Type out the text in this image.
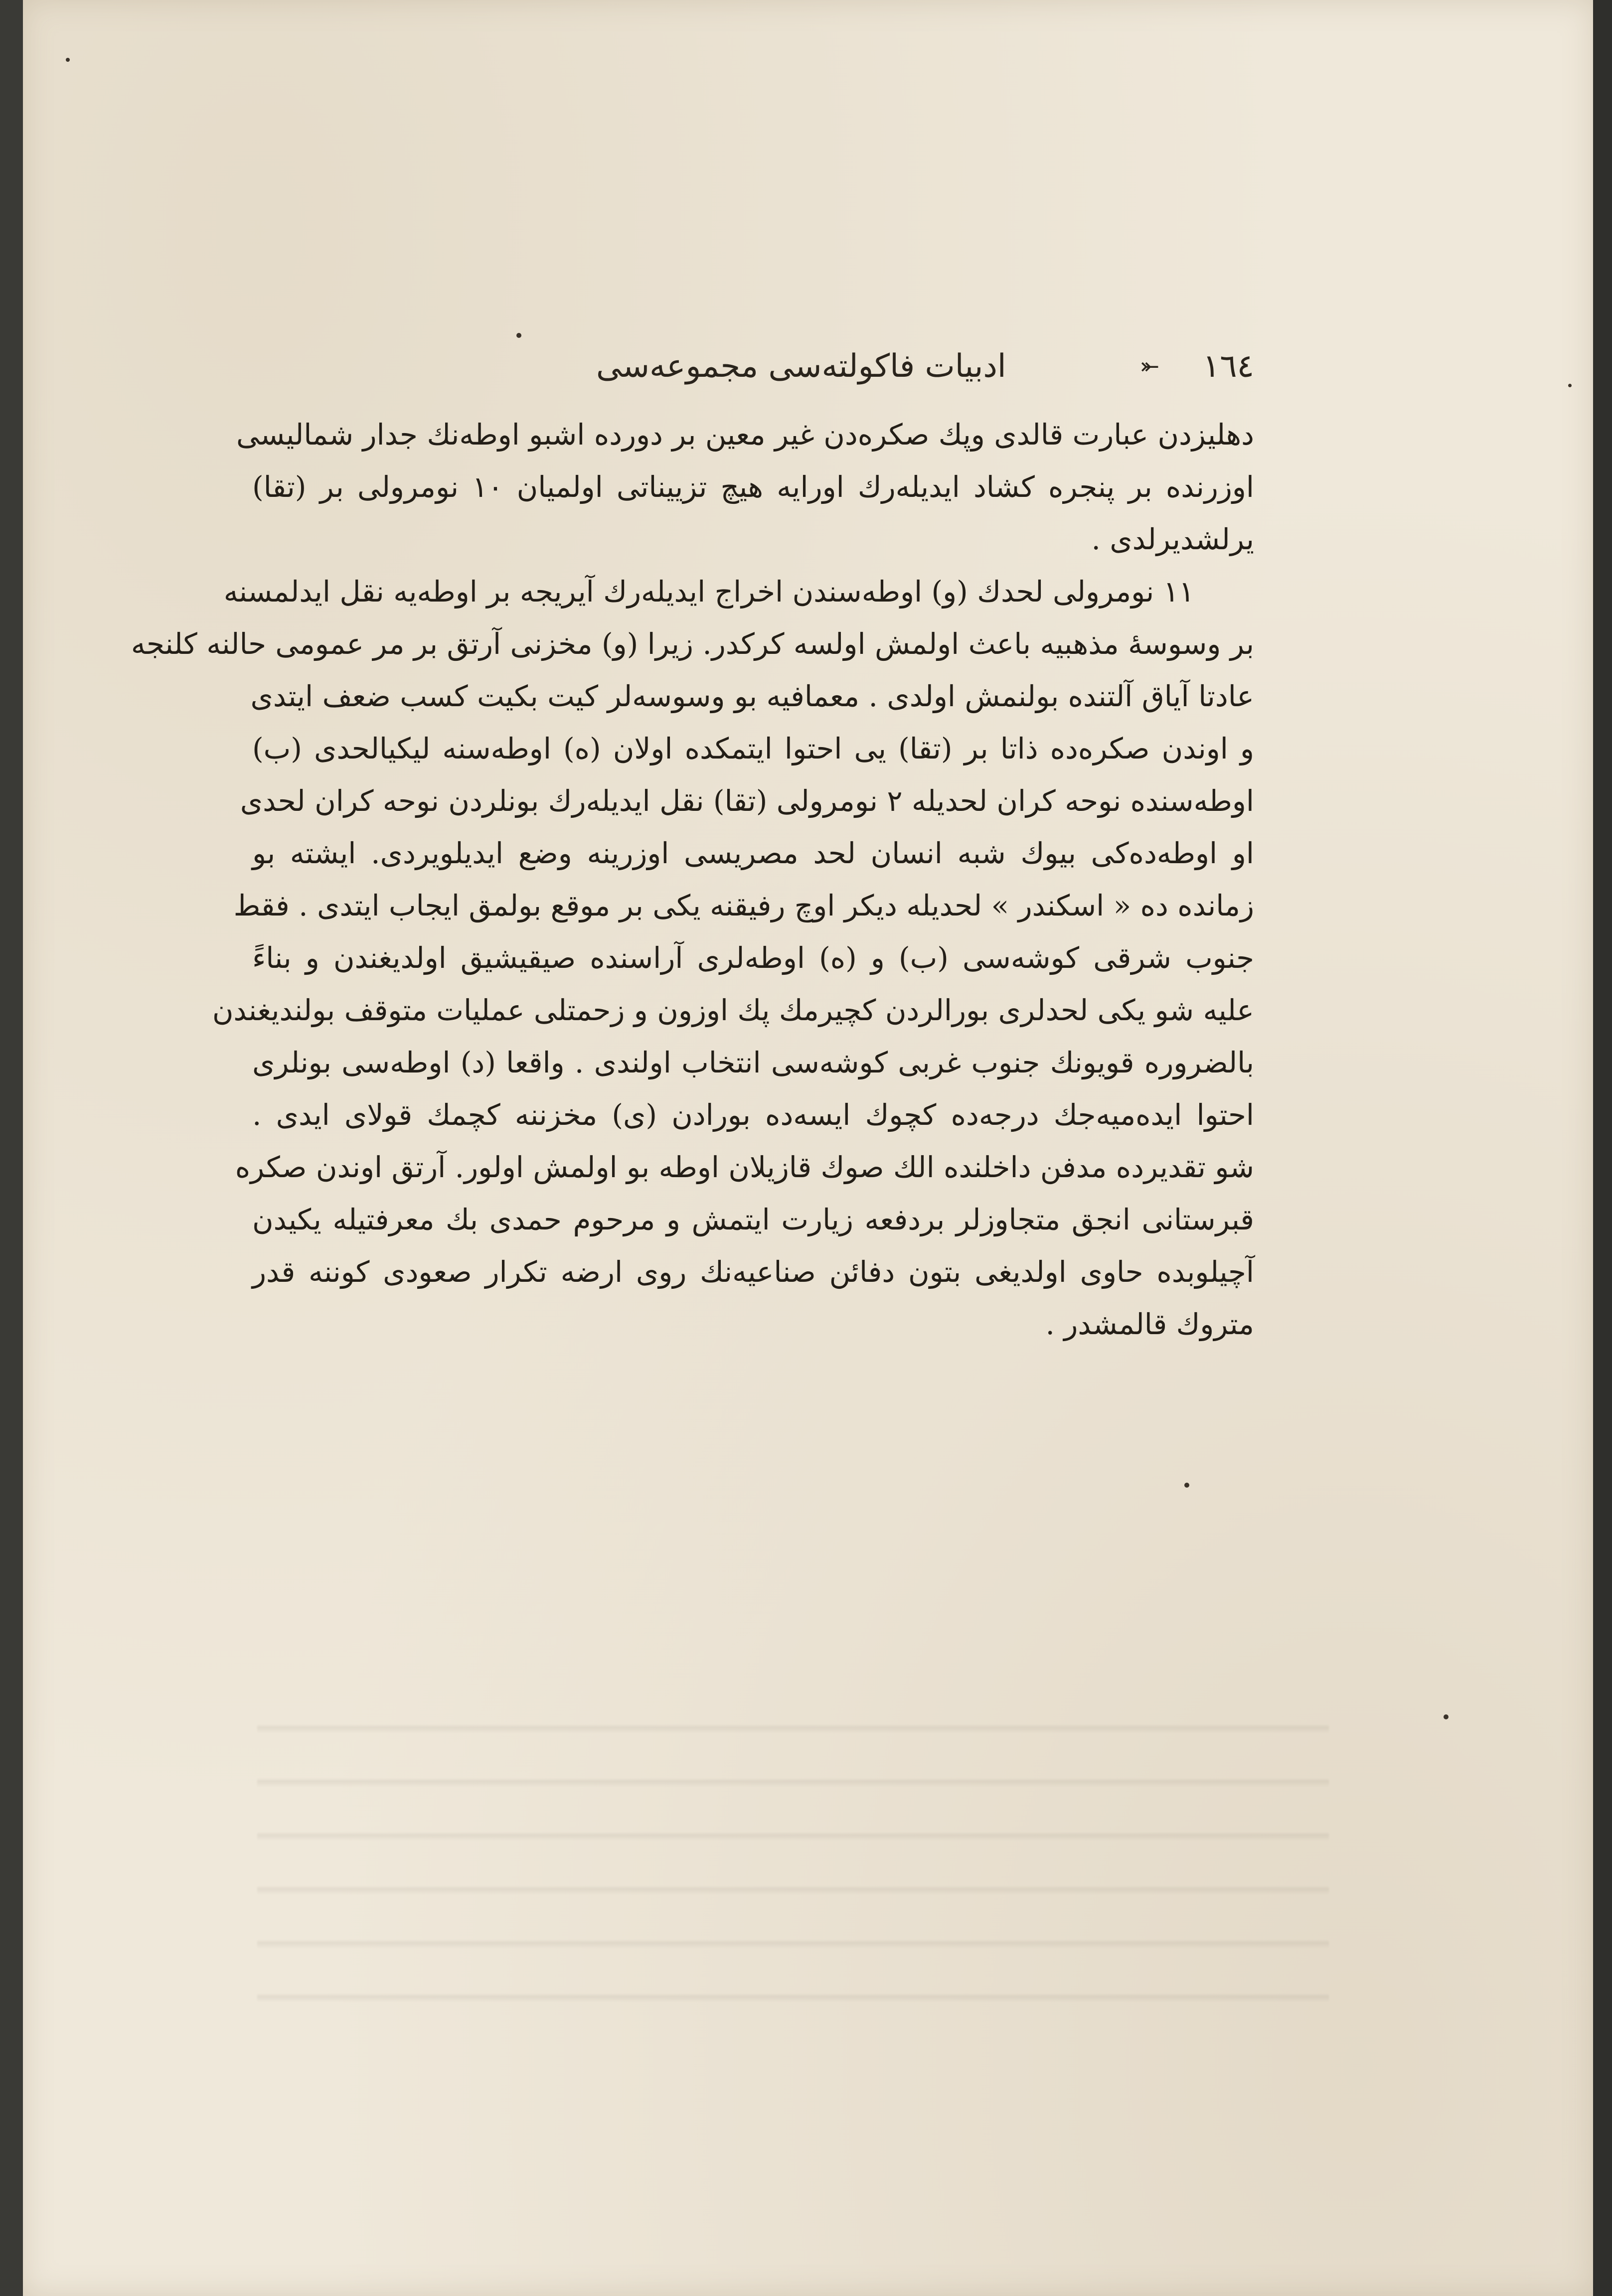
١٦٤
⤜
ادبيات فاكولته‌سى مجموعه‌سى
دهليزدن عبارت قالدى وپك صكره‌دن غير معين بر دورده اشبو اوطه‌نك جدار شماليسى
اوزرنده بر پنجره كشاد ايديله‌رك اورايه هيچ تزييناتى اولميان ١٠ نومرولى بر (تقا)
يرلشديرلدى .
١١ نومرولى لحدك (و) اوطه‌سندن اخراج ايديله‌رك آيريجه بر اوطه‌يه نقل ايدلمسنه
بر وسوسهٔ مذهبيه باعث اولمش اولسه كركدر. زيرا (و) مخزنى آرتق بر مر عمومى حالنه كلنجه
عادتا آياق آلتنده بولنمش اولدى . معمافيه بو وسوسه‌لر كيت بكيت كسب ضعف ايتدى
و اوندن صكره‌ده ذاتا بر (تقا) يى احتوا ايتمكده اولان (ه) اوطه‌سنه ليكيالحدى (ب)
اوطه‌سنده نوحه كران لحديله ٢ نومرولى (تقا) نقل ايديله‌رك بونلردن نوحه كران لحدى
او اوطه‌ده‌كى بيوك شبه انسان لحد مصريسى اوزرينه وضع ايديلويردى. ايشته بو
زمانده ده « اسكندر » لحديله ديكر اوچ رفيقنه يكى بر موقع بولمق ايجاب ايتدى . فقط
جنوب شرقى كوشه‌سى (ب) و (ه) اوطه‌لرى آراسنده صيقيشيق اولديغندن و بناءً
عليه شو يكى لحدلرى بورالردن كچيرمك پك اوزون و زحمتلى عمليات متوقف بولنديغندن
بالضروره قويونك جنوب غربى كوشه‌سى انتخاب اولندى . واقعا (د) اوطه‌سى بونلرى
احتوا ايده‌ميه‌جك درجه‌ده كچوك ايسه‌ده بورادن (ى) مخزننه كچمك قولاى ايدى .
شو تقديرده مدفن داخلنده الك صوك قازيلان اوطه بو اولمش اولور. آرتق اوندن صكره
قبرستانى انجق متجاوزلر بردفعه زيارت ايتمش و مرحوم حمدى بك معرفتيله يكيدن
آچيلوبده حاوى اولديغى بتون دفائن صناعيه‌نك روى ارضه تكرار صعودى كوننه قدر
متروك قالمشدر .
